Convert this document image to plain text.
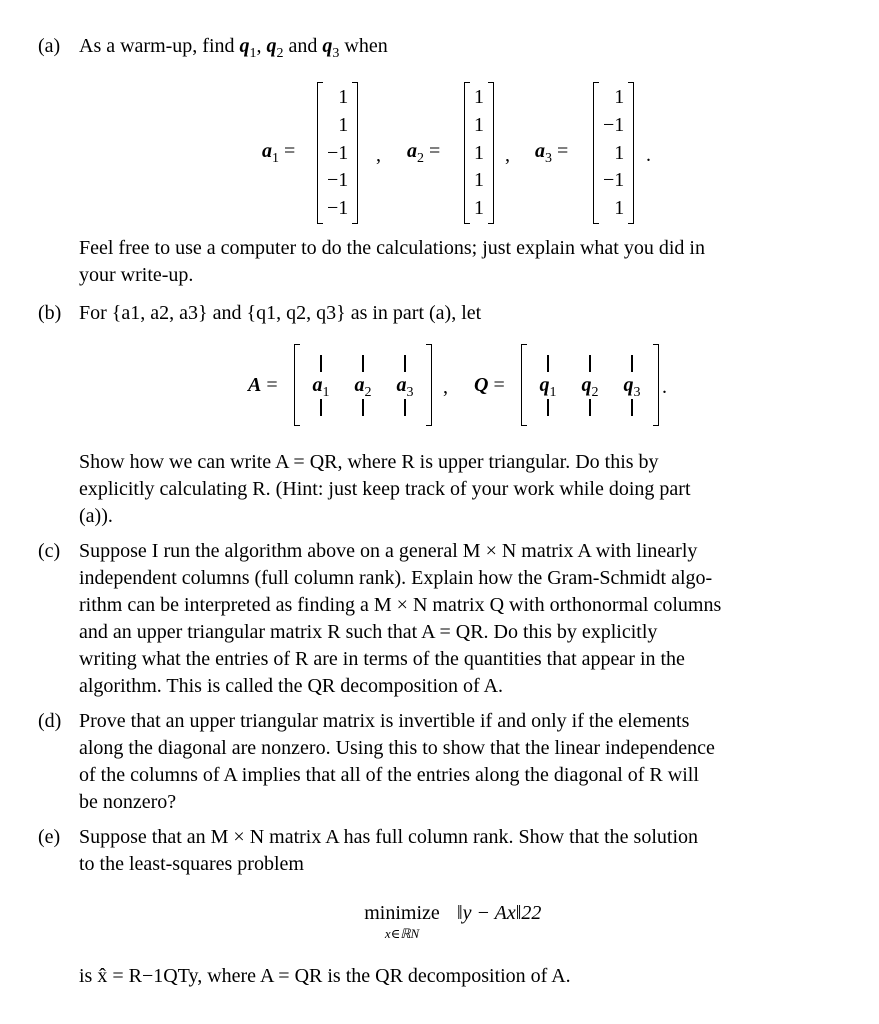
(a) As a warm-up, find $q_1$, $q_2$ and $q_3$ when
$a_1$ =
1
1
−1
−1
−1
, $a_2$ =
1
1
1
1
1
, $a_3$ =
1
−1
1
−1
1
.
Feel free to use a computer to do the calculations; just explain what you did in
your write-up.
(b) For {a1, a2, a3} and {q1, q2, q3} as in part (a), let
$A = a_1$ $a_2$ $a_3$ , $Q = q_1$ $q_2$ $q_3$ .
Show how we can write A = QR, where R is upper triangular. Do this by
explicitly calculating R. (Hint: just keep track of your work while doing part
(a)).
(c) Suppose I run the algorithm above on a general M × N matrix A with linearly
independent columns (full column rank). Explain how the Gram-Schmidt algo-
rithm can be interpreted as finding a M × N matrix Q with orthonormal columns
and an upper triangular matrix R such that A = QR. Do this by explicitly
writing what the entries of R are in terms of the quantities that appear in the
algorithm. This is called the QR decomposition of A.
(d) Prove that an upper triangular matrix is invertible if and only if the elements
along the diagonal are nonzero. Using this to show that the linear independence
of the columns of A implies that all of the entries along the diagonal of R will
be nonzero?
(e) Suppose that an M × N matrix A has full column rank. Show that the solution
to the least-squares problem
minimize
x∈ℝN
‖y − Ax‖22
is x̂ = R−1QTy, where A = QR is the QR decomposition of A.
